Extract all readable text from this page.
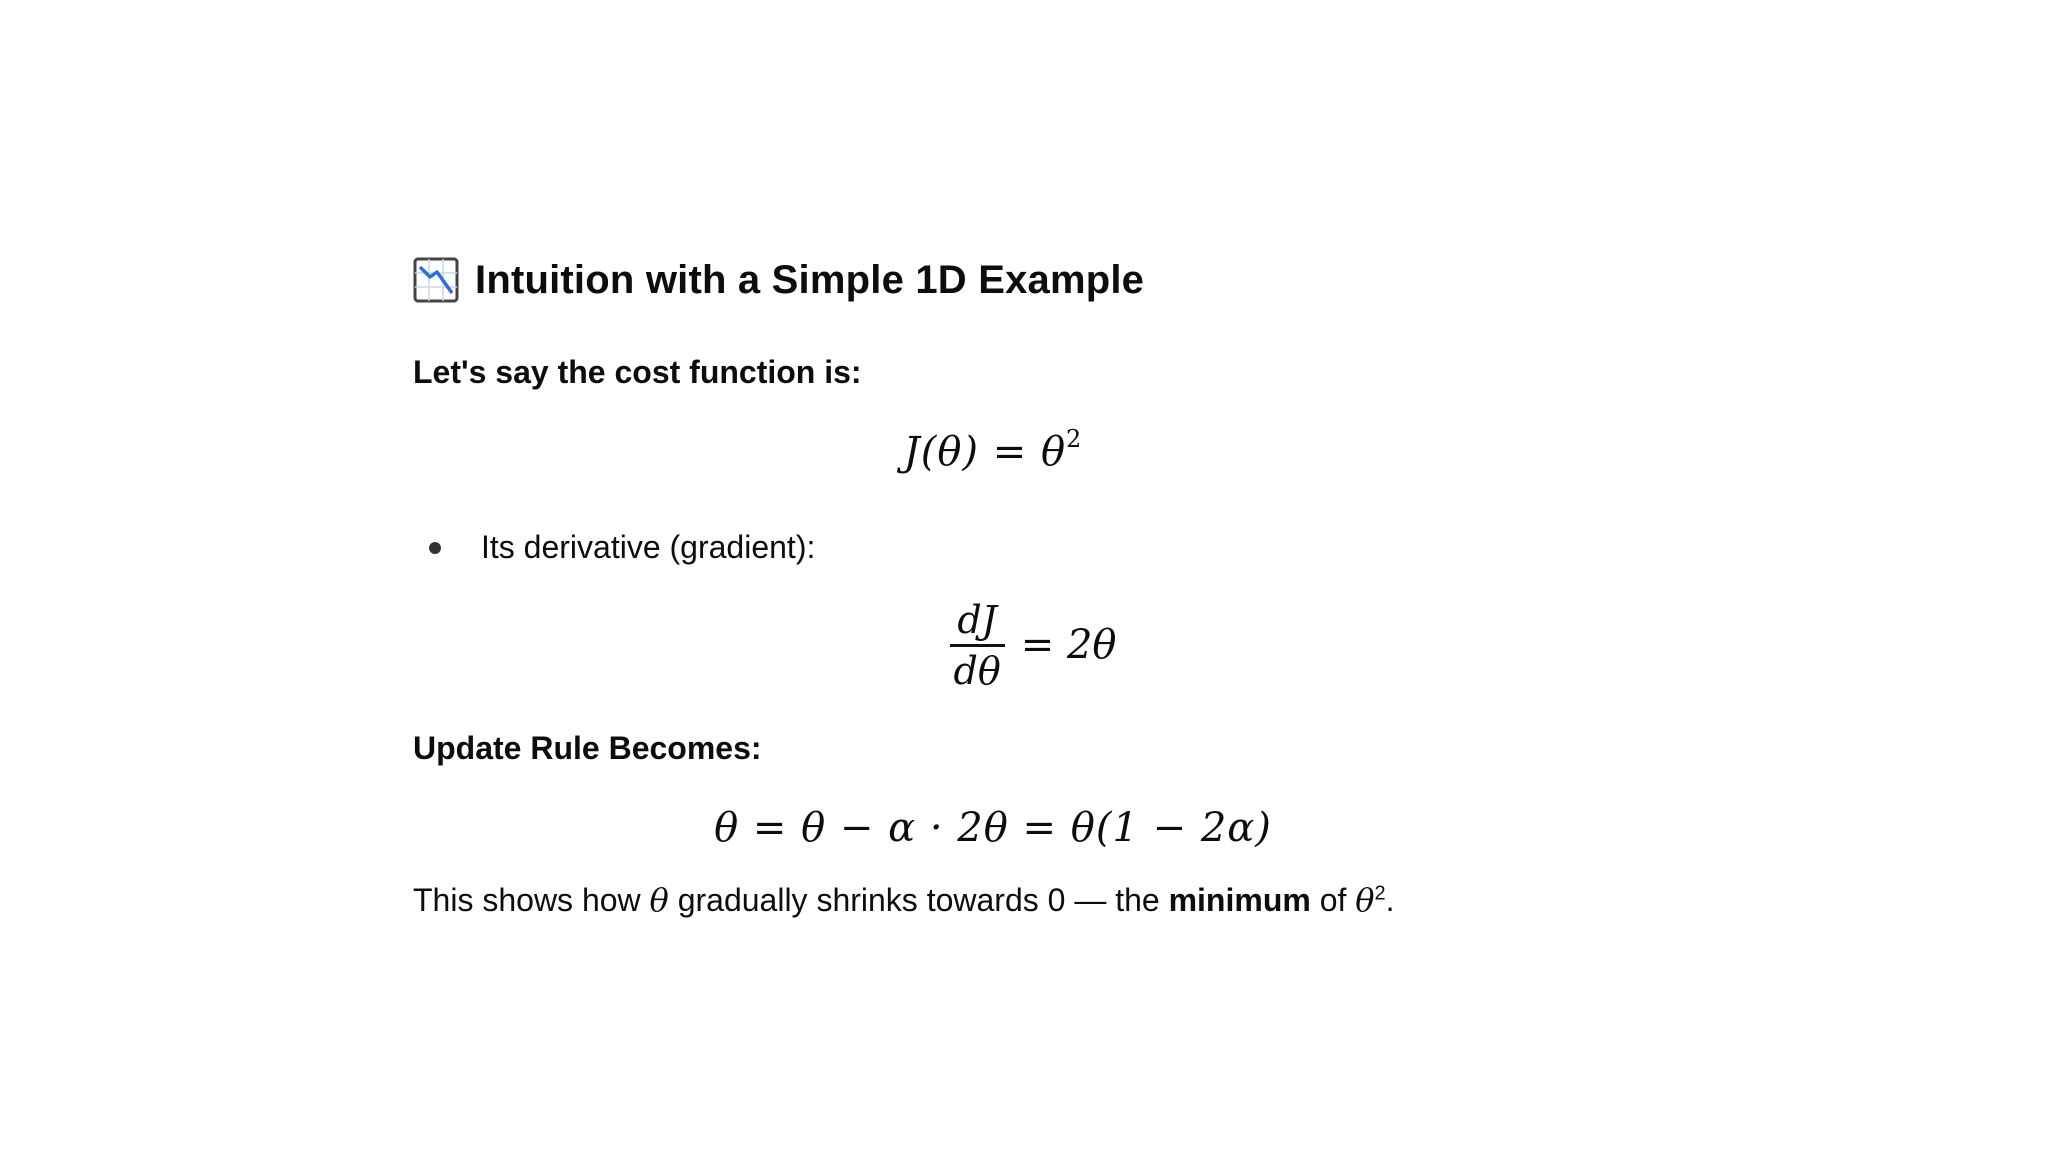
Intuition with a Simple 1D Example

Let's say the cost function is:

$J(\theta) = \theta^2$
Its derivative (gradient):
$\frac{dJ}{d\theta} = 2\theta$

Update Rule Becomes:

θ = θ − α · 2θ = θ(1 − 2α)

This shows how θ gradually shrinks towards 0 — the minimum of $\theta^2$.
